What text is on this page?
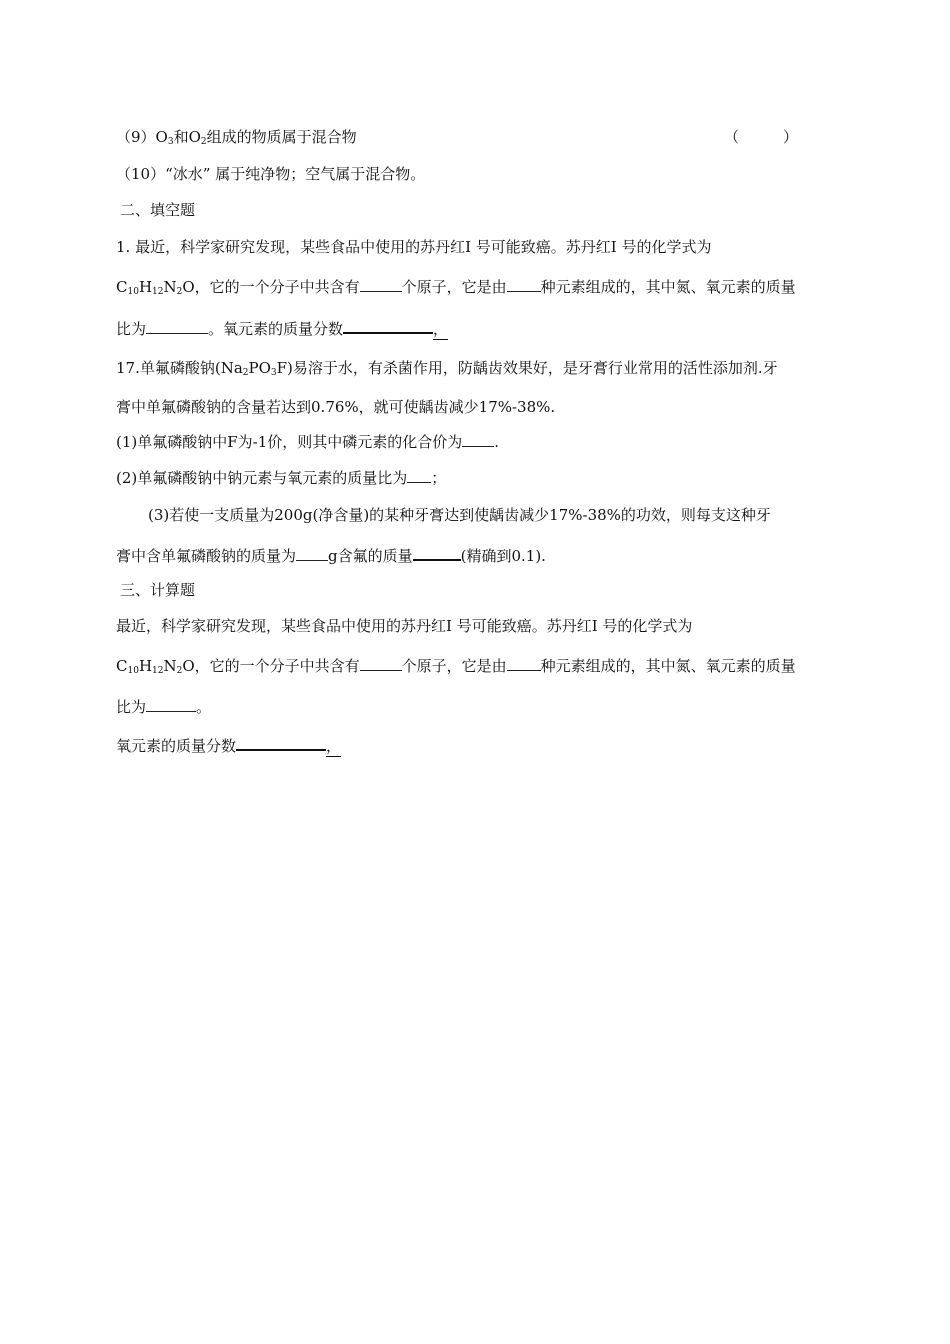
$(9)O_3$和$O_2$组成的物质属于混合物	（	）
（10）“冰水” 属于纯净物；空气属于混合物。
二、填空题
1. 最近，科学家研究发现，某些食品中使用的苏丹红Ⅰ 号可能致癌。苏丹红Ⅰ 号的化学式为
$C_{10}H_{12}N_2O$，它的一个分子中共含有	个原子，它是由 种元素组成的，其中氮、氧元素的质量
比为	。氧元素的质量分数	，
17.单氟磷酸钠$(Na_2PO_3F)$易溶于水，有杀菌作用，防龋齿效果好，是牙膏行业常用的活性添加剂.牙
膏中单氟磷酸钠的含量若达到0.76%，就可使龋齿减少17%-38%.
(1)单氟磷酸钠中F为-1价，则其中磷元素的化合价为 .
(2)单氟磷酸钠中钠元素与氧元素的质量比为 ；
(3)若使一支质量为200g(净含量)的某种牙膏达到使龋齿减少17%-38%的功效，则每支这种牙
膏中含单氟磷酸钠的质量为 g含氟的质量	(精确到0.1).
三、计算题
最近，科学家研究发现，某些食品中使用的苏丹红Ⅰ 号可能致癌。苏丹红Ⅰ 号的化学式为
$C_{10}H_{12}N_2O$，它的一个分子中共含有	个原子，它是由 种元素组成的，其中氮、氧元素的质量
比为	。
氧元素的质量分数	，
